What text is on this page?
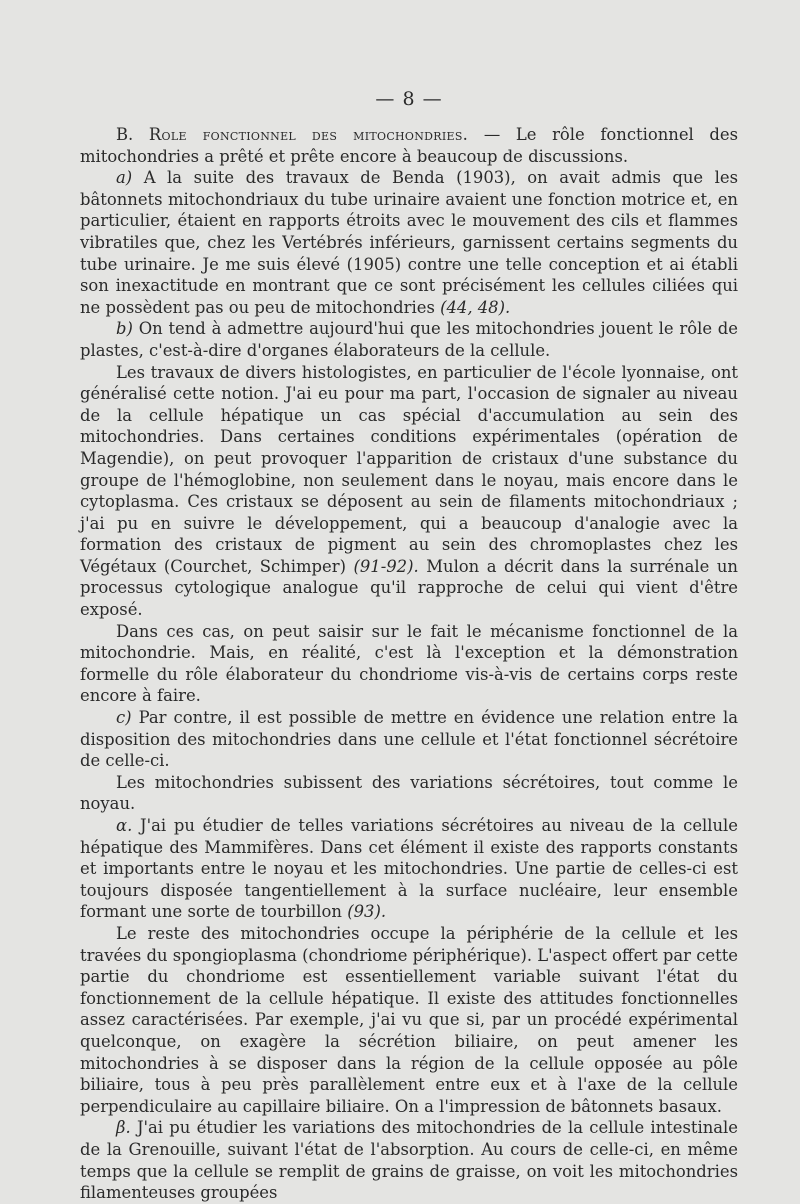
— 8 —

B. Role fonctionnel des mitochondries. — Le rôle fonctionnel des mitochondries a prêté et prête encore à beaucoup de discussions.

a) A la suite des travaux de Benda (1903), on avait admis que les bâtonnets mitochondriaux du tube urinaire avaient une fonction motrice et, en particulier, étaient en rapports étroits avec le mouvement des cils et flammes vibratiles que, chez les Vertébrés inférieurs, garnissent certains segments du tube urinaire. Je me suis élevé (1905) contre une telle conception et ai établi son inexactitude en montrant que ce sont précisément les cellules ciliées qui ne possèdent pas ou peu de mitochondries (44, 48).

b) On tend à admettre aujourd'hui que les mitochondries jouent le rôle de plastes, c'est-à-dire d'organes élaborateurs de la cellule.

Les travaux de divers histologistes, en particulier de l'école lyonnaise, ont généralisé cette notion. J'ai eu pour ma part, l'occasion de signaler au niveau de la cellule hépatique un cas spécial d'accumulation au sein des mitochondries. Dans certaines conditions expérimentales (opération de Magendie), on peut provoquer l'apparition de cristaux d'une substance du groupe de l'hémoglobine, non seulement dans le noyau, mais encore dans le cytoplasma. Ces cristaux se déposent au sein de filaments mitochondriaux ; j'ai pu en suivre le développement, qui a beaucoup d'analogie avec la formation des cristaux de pigment au sein des chromoplastes chez les Végétaux (Courchet, Schimper) (91-92). Mulon a décrit dans la surrénale un processus cytologique analogue qu'il rapproche de celui qui vient d'être exposé.

Dans ces cas, on peut saisir sur le fait le mécanisme fonctionnel de la mitochondrie. Mais, en réalité, c'est là l'exception et la démonstration formelle du rôle élaborateur du chondriome vis-à-vis de certains corps reste encore à faire.

c) Par contre, il est possible de mettre en évidence une relation entre la disposition des mitochondries dans une cellule et l'état fonctionnel sécrétoire de celle-ci.

Les mitochondries subissent des variations sécrétoires, tout comme le noyau.

α. J'ai pu étudier de telles variations sécrétoires au niveau de la cellule hépatique des Mammifères. Dans cet élément il existe des rapports constants et importants entre le noyau et les mitochondries. Une partie de celles-ci est toujours disposée tangentiellement à la surface nucléaire, leur ensemble formant une sorte de tourbillon (93).

Le reste des mitochondries occupe la périphérie de la cellule et les travées du spongioplasma (chondriome périphérique). L'aspect offert par cette partie du chondriome est essentiellement variable suivant l'état du fonctionnement de la cellule hépatique. Il existe des attitudes fonctionnelles assez caractérisées. Par exemple, j'ai vu que si, par un procédé expérimental quelconque, on exagère la sécrétion biliaire, on peut amener les mitochondries à se disposer dans la région de la cellule opposée au pôle biliaire, tous à peu près parallèlement entre eux et à l'axe de la cellule perpendiculaire au capillaire biliaire. On a l'impression de bâtonnets basaux.

β. J'ai pu étudier les variations des mitochondries de la cellule intestinale de la Grenouille, suivant l'état de l'absorption. Au cours de celle-ci, en même temps que la cellule se remplit de grains de graisse, on voit les mitochondries filamenteuses groupées
